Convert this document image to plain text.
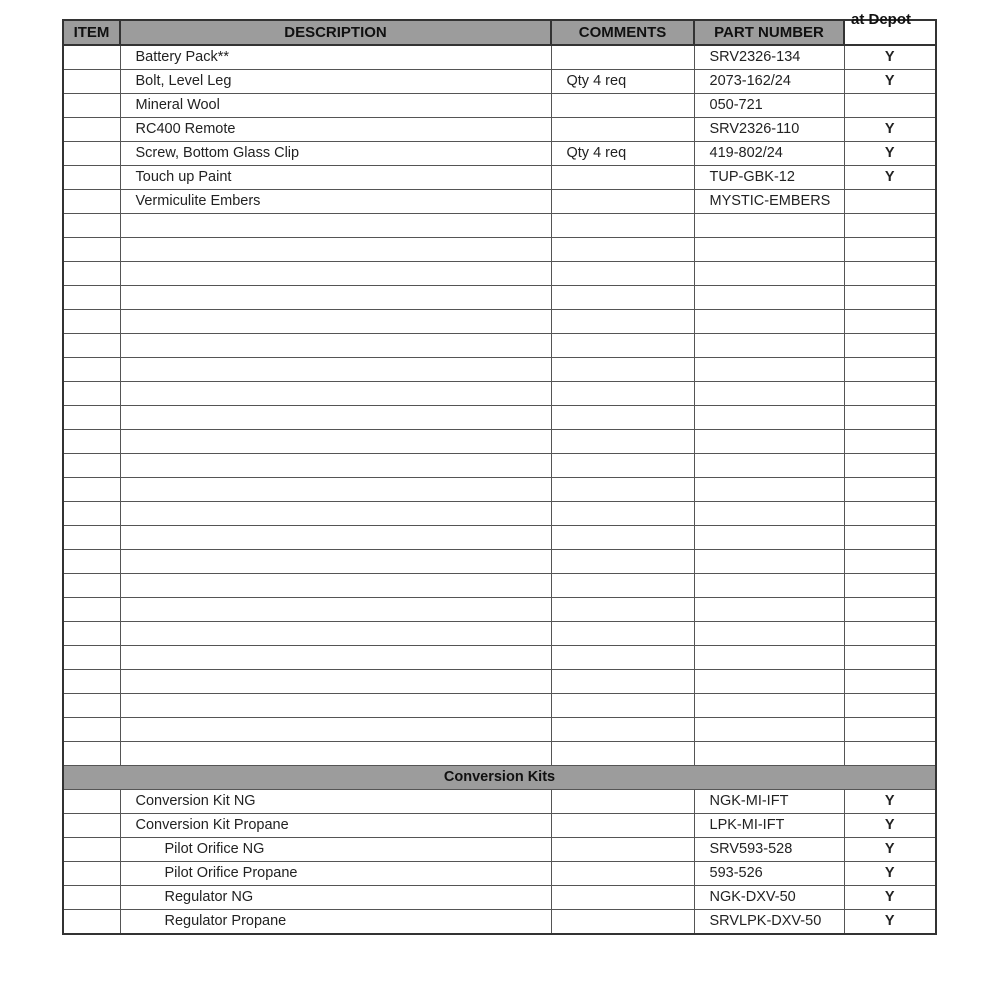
ITEM	DESCRIPTION	COMMENTS	PART NUMBER	at Depot

	Battery Pack**		SRV2326-134	Y
	Bolt, Level Leg	Qty 4 req	2073-162/24	Y
	Mineral Wool		050-721	
	RC400 Remote		SRV2326-110	Y
	Screw, Bottom Glass Clip	Qty 4 req	419-802/24	Y
	Touch up Paint		TUP-GBK-12	Y
	Vermiculite Embers		MYSTIC-EMBERS	

Conversion Kits				
	Conversion Kit NG		NGK-MI-IFT	Y
	Conversion Kit Propane		LPK-MI-IFT	Y
	Pilot Orifice NG		SRV593-528	Y
	Pilot Orifice Propane		593-526	Y
	Regulator NG		NGK-DXV-50	Y
	Regulator Propane		SRVLPK-DXV-50	Y
